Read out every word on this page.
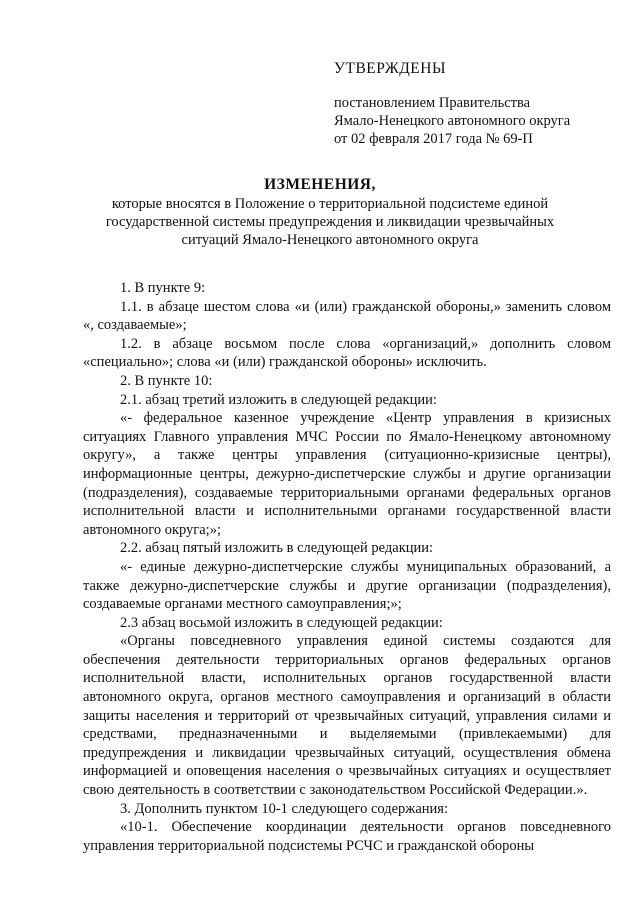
УТВЕРЖДЕНЫ
постановлением Правительства
Ямало-Ненецкого автономного округа
от 02 февраля 2017 года № 69-П
ИЗМЕНЕНИЯ,
которые вносятся в Положение о территориальной подсистеме единой
государственной системы предупреждения и ликвидации чрезвычайных
ситуаций Ямало-Ненецкого автономного округа

1. В пункте 9:

1.1. в абзаце шестом слова «и (или) гражданской обороны,» заменить словом «, создаваемые»;

1.2. в абзаце восьмом после слова «организаций,» дополнить словом «специально»; слова «и (или) гражданской обороны» исключить.

2. В пункте 10:

2.1. абзац третий изложить в следующей редакции:

«- федеральное казенное учреждение «Центр управления в кризисных ситуациях Главного управления МЧС России по Ямало-Ненецкому автономному округу», а также центры управления (ситуационно-кризисные центры), информационные центры, дежурно-диспетчерские службы и другие организации (подразделения), создаваемые территориальными органами федеральных органов исполнительной власти и исполнительными органами государственной власти автономного округа;»;

2.2. абзац пятый изложить в следующей редакции:

«- единые дежурно-диспетчерские службы муниципальных образований, а также дежурно-диспетчерские службы и другие организации (подразделения), создаваемые органами местного самоуправления;»;

2.3 абзац восьмой изложить в следующей редакции:

«Органы повседневного управления единой системы создаются для обеспечения деятельности территориальных органов федеральных органов исполнительной власти, исполнительных органов государственной власти автономного округа, органов местного самоуправления и организаций в области защиты населения и территорий от чрезвычайных ситуаций, управления силами и средствами, предназначенными и выделяемыми (привлекаемыми) для предупреждения и ликвидации чрезвычайных ситуаций, осуществления обмена информацией и оповещения населения о чрезвычайных ситуациях и осуществляет свою деятельность в соответствии с законодательством Российской Федерации.».

3. Дополнить пунктом 10-1 следующего содержания:

«10-1. Обеспечение координации деятельности органов повседневного управления территориальной подсистемы РСЧС и гражданской обороны
